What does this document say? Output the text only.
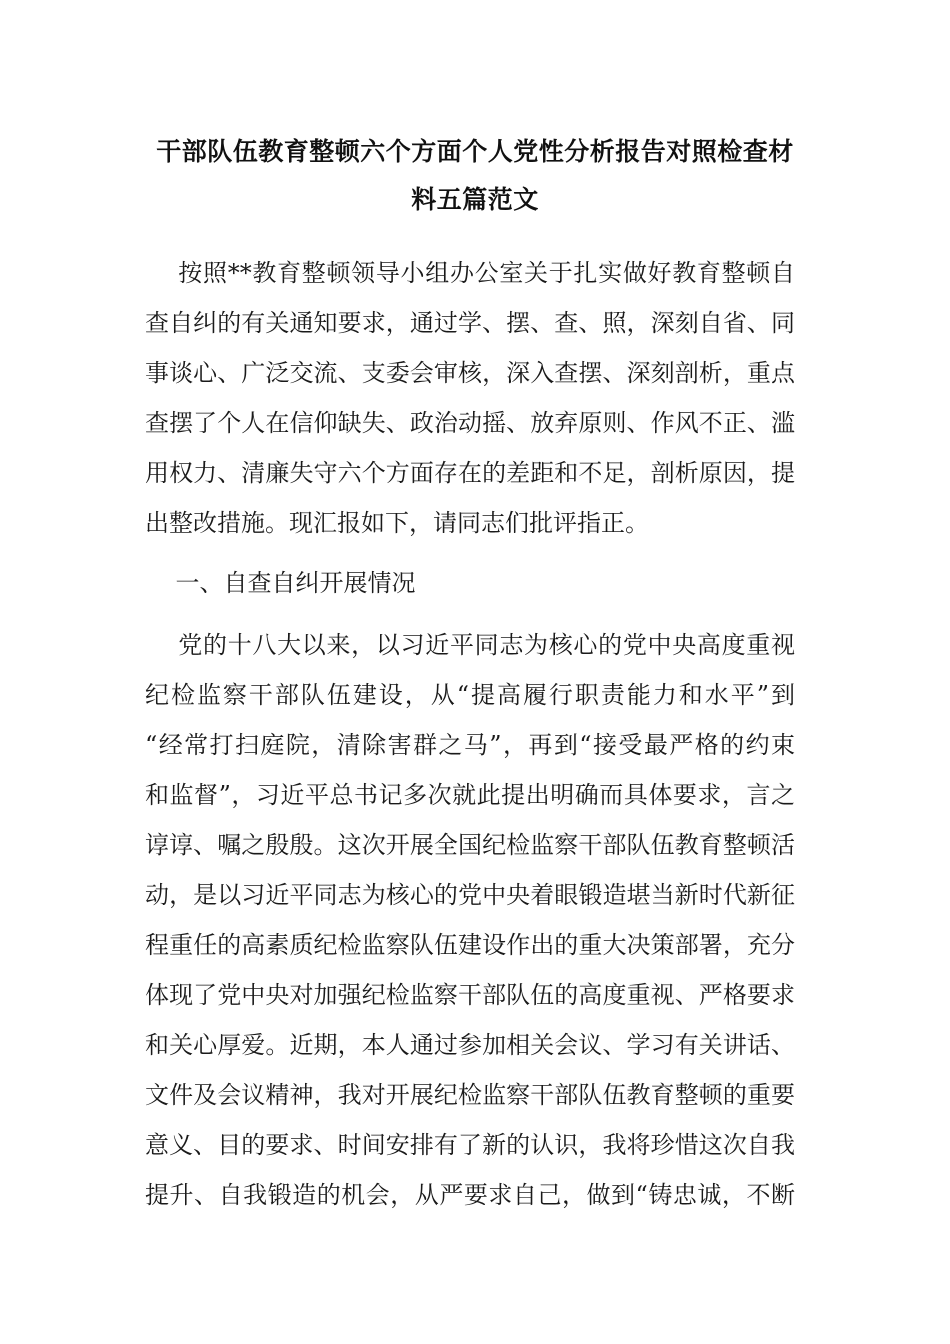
干部队伍教育整顿六个方面个人党性分析报告对照检查材
料五篇范文
按照**教育整顿领导小组办公室关于扎实做好教育整顿自
查自纠的有关通知要求，通过学、摆、查、照，深刻自省、同
事谈心、广泛交流、支委会审核，深入查摆、深刻剖析，重点
查摆了个人在信仰缺失、政治动摇、放弃原则、作风不正、滥
用权力、清廉失守六个方面存在的差距和不足，剖析原因，提
出整改措施。现汇报如下，请同志们批评指正。
一、自查自纠开展情况
党的十八大以来，以习近平同志为核心的党中央高度重视
纪检监察干部队伍建设，从“提高履行职责能力和水平”到
“经常打扫庭院，清除害群之马”，再到“接受最严格的约束
和监督”，习近平总书记多次就此提出明确而具体要求，言之
谆谆、嘱之殷殷。这次开展全国纪检监察干部队伍教育整顿活
动，是以习近平同志为核心的党中央着眼锻造堪当新时代新征
程重任的高素质纪检监察队伍建设作出的重大决策部署，充分
体现了党中央对加强纪检监察干部队伍的高度重视、严格要求
和关心厚爱。近期，本人通过参加相关会议、学习有关讲话、
文件及会议精神，我对开展纪检监察干部队伍教育整顿的重要
意义、目的要求、时间安排有了新的认识，我将珍惜这次自我
提升、自我锻造的机会，从严要求自己，做到“铸忠诚，不断
